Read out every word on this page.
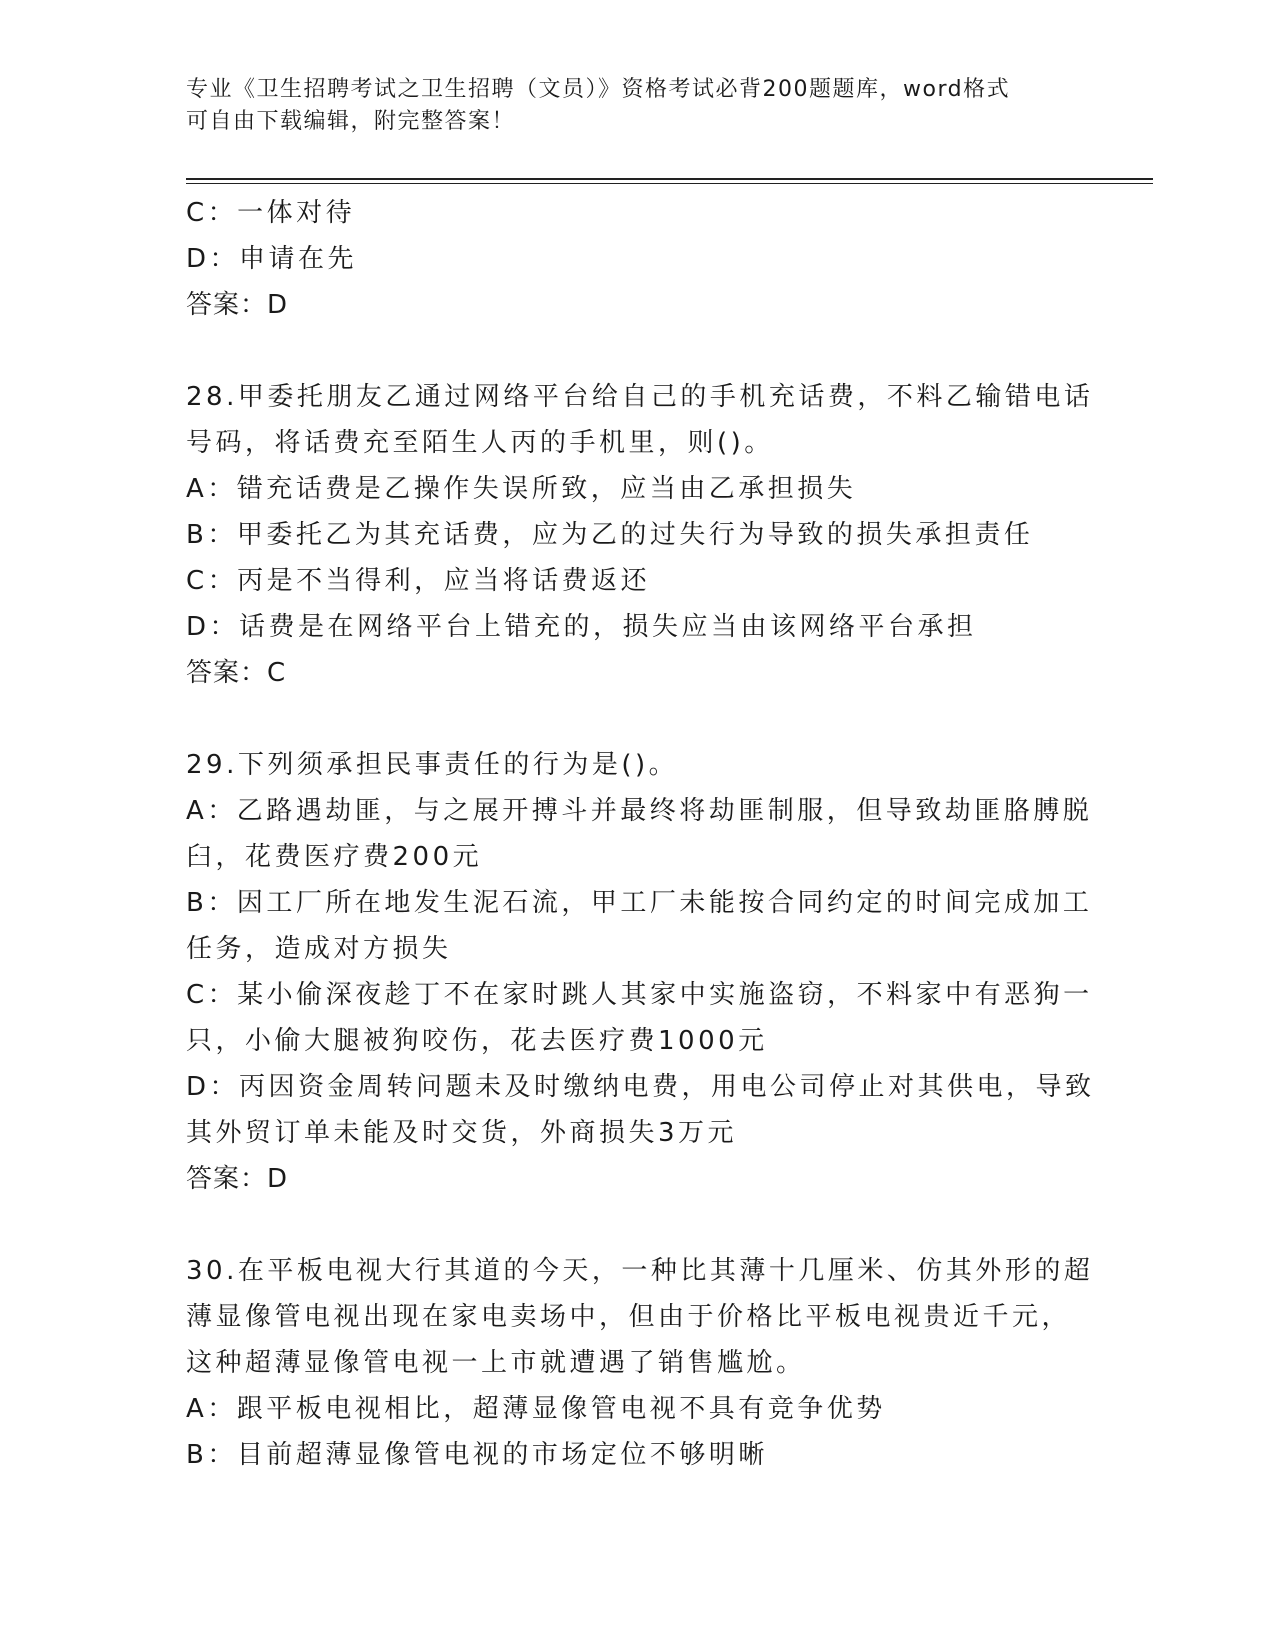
专业《卫生招聘考试之卫生招聘（文员）》资格考试必背200题题库，word格式
可自由下载编辑，附完整答案！
C：一体对待
D：申请在先
答案：D
28.甲委托朋友乙通过网络平台给自己的手机充话费，不料乙输错电话
号码，将话费充至陌生人丙的手机里，则()。
A：错充话费是乙操作失误所致，应当由乙承担损失
B：甲委托乙为其充话费，应为乙的过失行为导致的损失承担责任
C：丙是不当得利，应当将话费返还
D：话费是在网络平台上错充的，损失应当由该网络平台承担
答案：C
29.下列须承担民事责任的行为是()。
A：乙路遇劫匪，与之展开搏斗并最终将劫匪制服，但导致劫匪胳膊脱
臼，花费医疗费200元
B：因工厂所在地发生泥石流，甲工厂未能按合同约定的时间完成加工
任务，造成对方损失
C：某小偷深夜趁丁不在家时跳人其家中实施盗窃，不料家中有恶狗一
只，小偷大腿被狗咬伤，花去医疗费1000元
D：丙因资金周转问题未及时缴纳电费，用电公司停止对其供电，导致
其外贸订单未能及时交货，外商损失3万元
答案：D
30.在平板电视大行其道的今天，一种比其薄十几厘米、仿其外形的超
薄显像管电视出现在家电卖场中，但由于价格比平板电视贵近千元，
这种超薄显像管电视一上市就遭遇了销售尴尬。
A：跟平板电视相比，超薄显像管电视不具有竞争优势
B：目前超薄显像管电视的市场定位不够明晰
